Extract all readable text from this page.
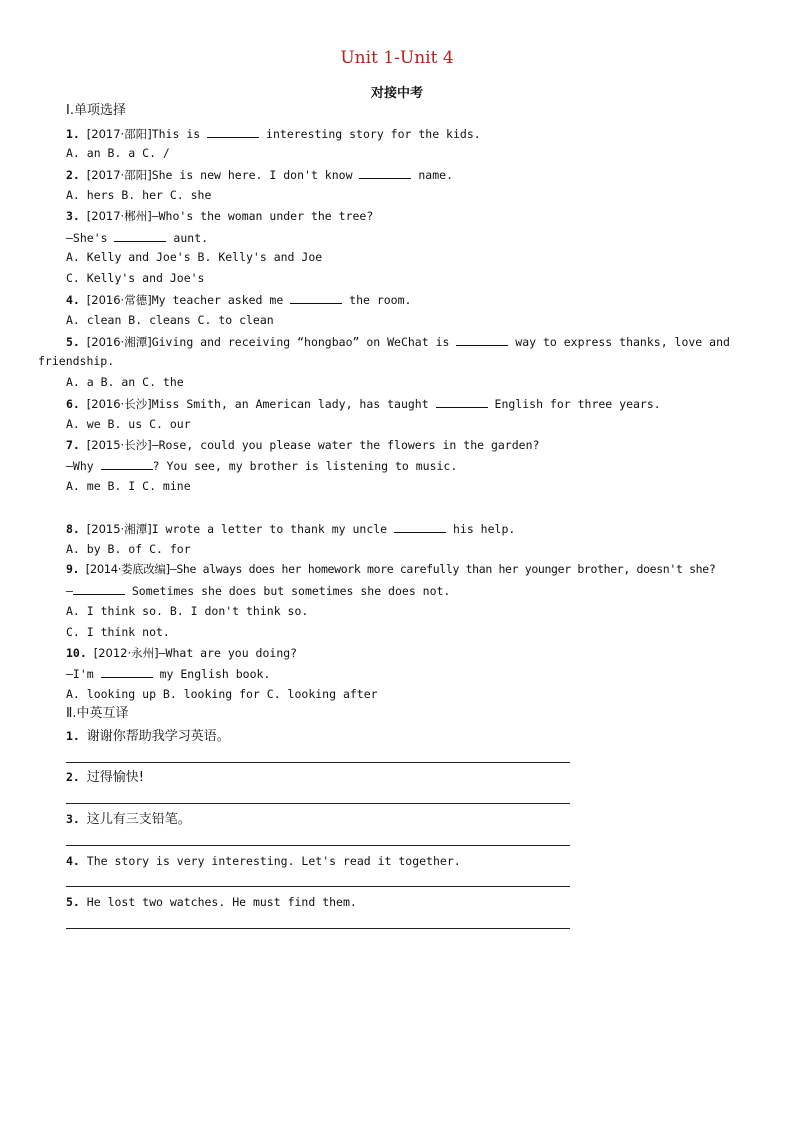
Unit 1-Unit 4
对接中考
Ⅰ.单项选择
1. [2017·邵阳]This is	interesting story for the kids.
A. an B. a C. /
2. [2017·邵阳]She is new here. I don't know	name.
A. hers B. her C. she
3. [2017·郴州]—Who's the woman under the tree?
—She's	aunt.
A. Kelly and Joe's B. Kelly's and Joe
C. Kelly's and Joe's
4. [2016·常德]My teacher asked me	the room.
A. clean B. cleans C. to clean
5. [2016·湘潭]Giving and receiving “hongbao” on WeChat is	way to express thanks, love and
friendship.
A. a B. an C. the
6. [2016·长沙]Miss Smith, an American lady, has taught	English for three years.
A. we B. us C. our
7. [2015·长沙]—Rose, could you please water the flowers in the garden?
—Why	? You see, my brother is listening to music.
A. me B. I C. mine
8. [2015·湘潭]I wrote a letter to thank my uncle	his help.
A. by B. of C. for
9. [2014·娄底改编]—She always does her homework more carefully than her younger brother, doesn't she?
—	Sometimes she does but sometimes she does not.
A. I think so. B. I don't think so.
C. I think not.
10. [2012·永州]—What are you doing?
—I'm	my English book.
A. looking up B. looking for C. looking after
Ⅱ.中英互译
1. 谢谢你帮助我学习英语。
2. 过得愉快!
3. 这儿有三支铅笔。
4. The story is very interesting. Let's read it together.
5. He lost two watches. He must find them.
